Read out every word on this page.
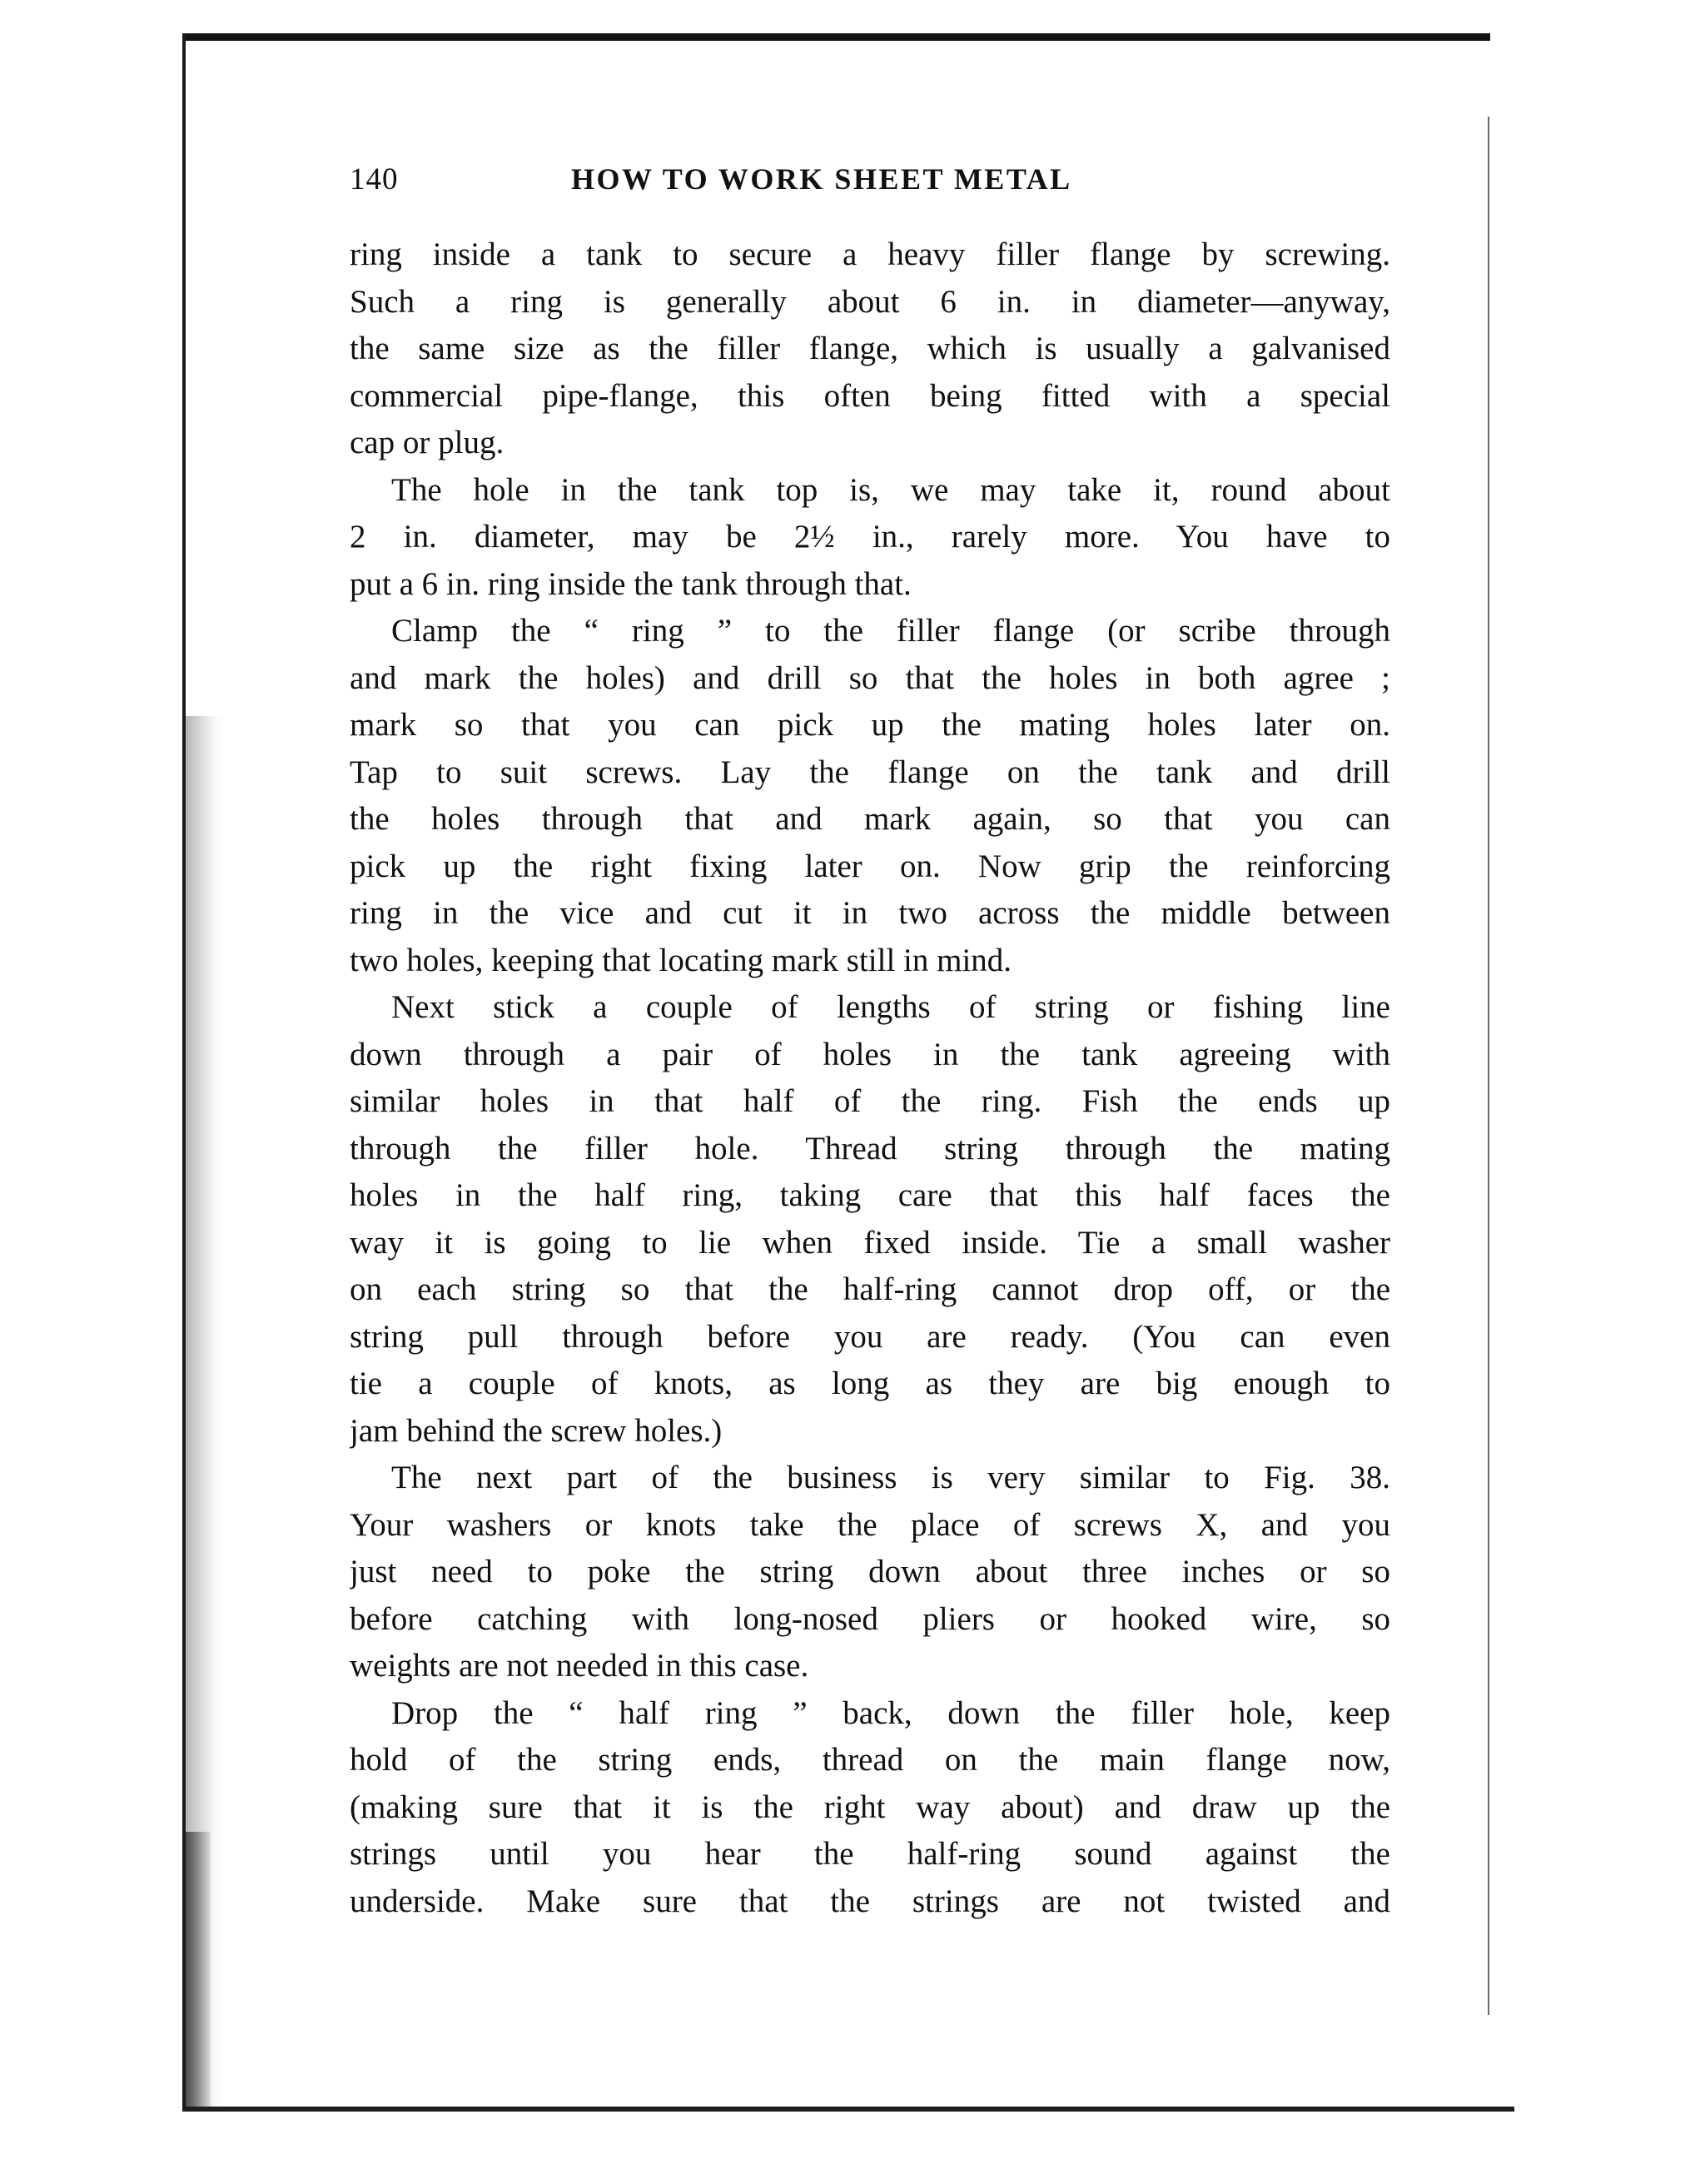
140	HOW TO WORK SHEET METAL
ring inside a tank to secure a heavy filler flange by screwing.
Such a ring is generally about 6 in. in diameter—anyway,
the same size as the filler flange, which is usually a galvanised
commercial pipe-flange, this often being fitted with a special
cap or plug.
The hole in the tank top is, we may take it, round about
2 in. diameter, may be 2½ in., rarely more. You have to
put a 6 in. ring inside the tank through that.
Clamp the “ ring ” to the filler flange (or scribe through
and mark the holes) and drill so that the holes in both agree ;
mark so that you can pick up the mating holes later on.
Tap to suit screws. Lay the flange on the tank and drill
the holes through that and mark again, so that you can
pick up the right fixing later on. Now grip the reinforcing
ring in the vice and cut it in two across the middle between
two holes, keeping that locating mark still in mind.
Next stick a couple of lengths of string or fishing line
down through a pair of holes in the tank agreeing with
similar holes in that half of the ring. Fish the ends up
through the filler hole. Thread string through the mating
holes in the half ring, taking care that this half faces the
way it is going to lie when fixed inside. Tie a small washer
on each string so that the half-ring cannot drop off, or the
string pull through before you are ready. (You can even
tie a couple of knots, as long as they are big enough to
jam behind the screw holes.)
The next part of the business is very similar to Fig. 38.
Your washers or knots take the place of screws X, and you
just need to poke the string down about three inches or so
before catching with long-nosed pliers or hooked wire, so
weights are not needed in this case.
Drop the “ half ring ” back, down the filler hole, keep
hold of the string ends, thread on the main flange now,
(making sure that it is the right way about) and draw up the
strings until you hear the half-ring sound against the
underside. Make sure that the strings are not twisted and
